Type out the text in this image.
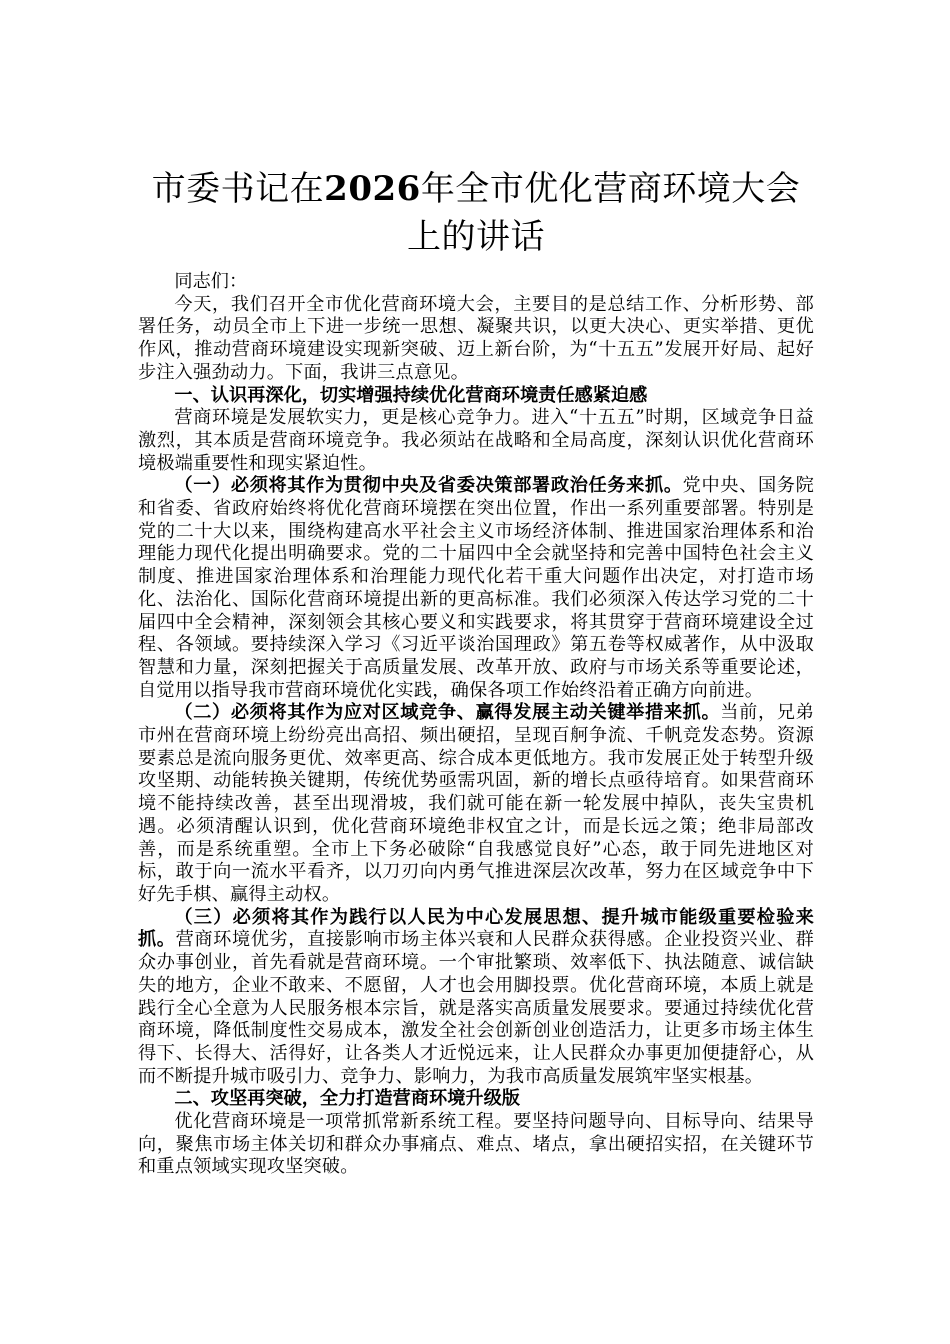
市委书记在2026年全市优化营商环境大会上的讲话

同志们：

今天，我们召开全市优化营商环境大会，主要目的是总结工作、分析形势、部署任务，动员全市上下进一步统一思想、凝聚共识，以更大决心、更实举措、更优作风，推动营商环境建设实现新突破、迈上新台阶，为“十五五”发展开好局、起好步注入强劲动力。下面，我讲三点意见。

一、认识再深化，切实增强持续优化营商环境责任感紧迫感

营商环境是发展软实力，更是核心竞争力。进入“十五五”时期，区域竞争日益激烈，其本质是营商环境竞争。我必须站在战略和全局高度，深刻认识优化营商环境极端重要性和现实紧迫性。

（一）必须将其作为贯彻中央及省委决策部署政治任务来抓。党中央、国务院和省委、省政府始终将优化营商环境摆在突出位置，作出一系列重要部署。特别是党的二十大以来，围绕构建高水平社会主义市场经济体制、推进国家治理体系和治理能力现代化提出明确要求。党的二十届四中全会就坚持和完善中国特色社会主义制度、推进国家治理体系和治理能力现代化若干重大问题作出决定，对打造市场化、法治化、国际化营商环境提出新的更高标准。我们必须深入传达学习党的二十届四中全会精神，深刻领会其核心要义和实践要求，将其贯穿于营商环境建设全过程、各领域。要持续深入学习《习近平谈治国理政》第五卷等权威著作，从中汲取智慧和力量，深刻把握关于高质量发展、改革开放、政府与市场关系等重要论述，自觉用以指导我市营商环境优化实践，确保各项工作始终沿着正确方向前进。

（二）必须将其作为应对区域竞争、赢得发展主动关键举措来抓。当前，兄弟市州在营商环境上纷纷亮出高招、频出硬招，呈现百舸争流、千帆竞发态势。资源要素总是流向服务更优、效率更高、综合成本更低地方。我市发展正处于转型升级攻坚期、动能转换关键期，传统优势亟需巩固，新的增长点亟待培育。如果营商环境不能持续改善，甚至出现滑坡，我们就可能在新一轮发展中掉队，丧失宝贵机遇。必须清醒认识到，优化营商环境绝非权宜之计，而是长远之策；绝非局部改善，而是系统重塑。全市上下务必破除“自我感觉良好”心态，敢于同先进地区对标，敢于向一流水平看齐，以刀刃向内勇气推进深层次改革，努力在区域竞争中下好先手棋、赢得主动权。

（三）必须将其作为践行以人民为中心发展思想、提升城市能级重要检验来抓。营商环境优劣，直接影响市场主体兴衰和人民群众获得感。企业投资兴业、群众办事创业，首先看就是营商环境。一个审批繁琐、效率低下、执法随意、诚信缺失的地方，企业不敢来、不愿留，人才也会用脚投票。优化营商环境，本质上就是践行全心全意为人民服务根本宗旨，就是落实高质量发展要求。要通过持续优化营商环境，降低制度性交易成本，激发全社会创新创业创造活力，让更多市场主体生得下、长得大、活得好，让各类人才近悦远来，让人民群众办事更加便捷舒心，从而不断提升城市吸引力、竞争力、影响力，为我市高质量发展筑牢坚实根基。

二、攻坚再突破，全力打造营商环境升级版

优化营商环境是一项常抓常新系统工程。要坚持问题导向、目标导向、结果导向，聚焦市场主体关切和群众办事痛点、难点、堵点，拿出硬招实招，在关键环节和重点领域实现攻坚突破。
